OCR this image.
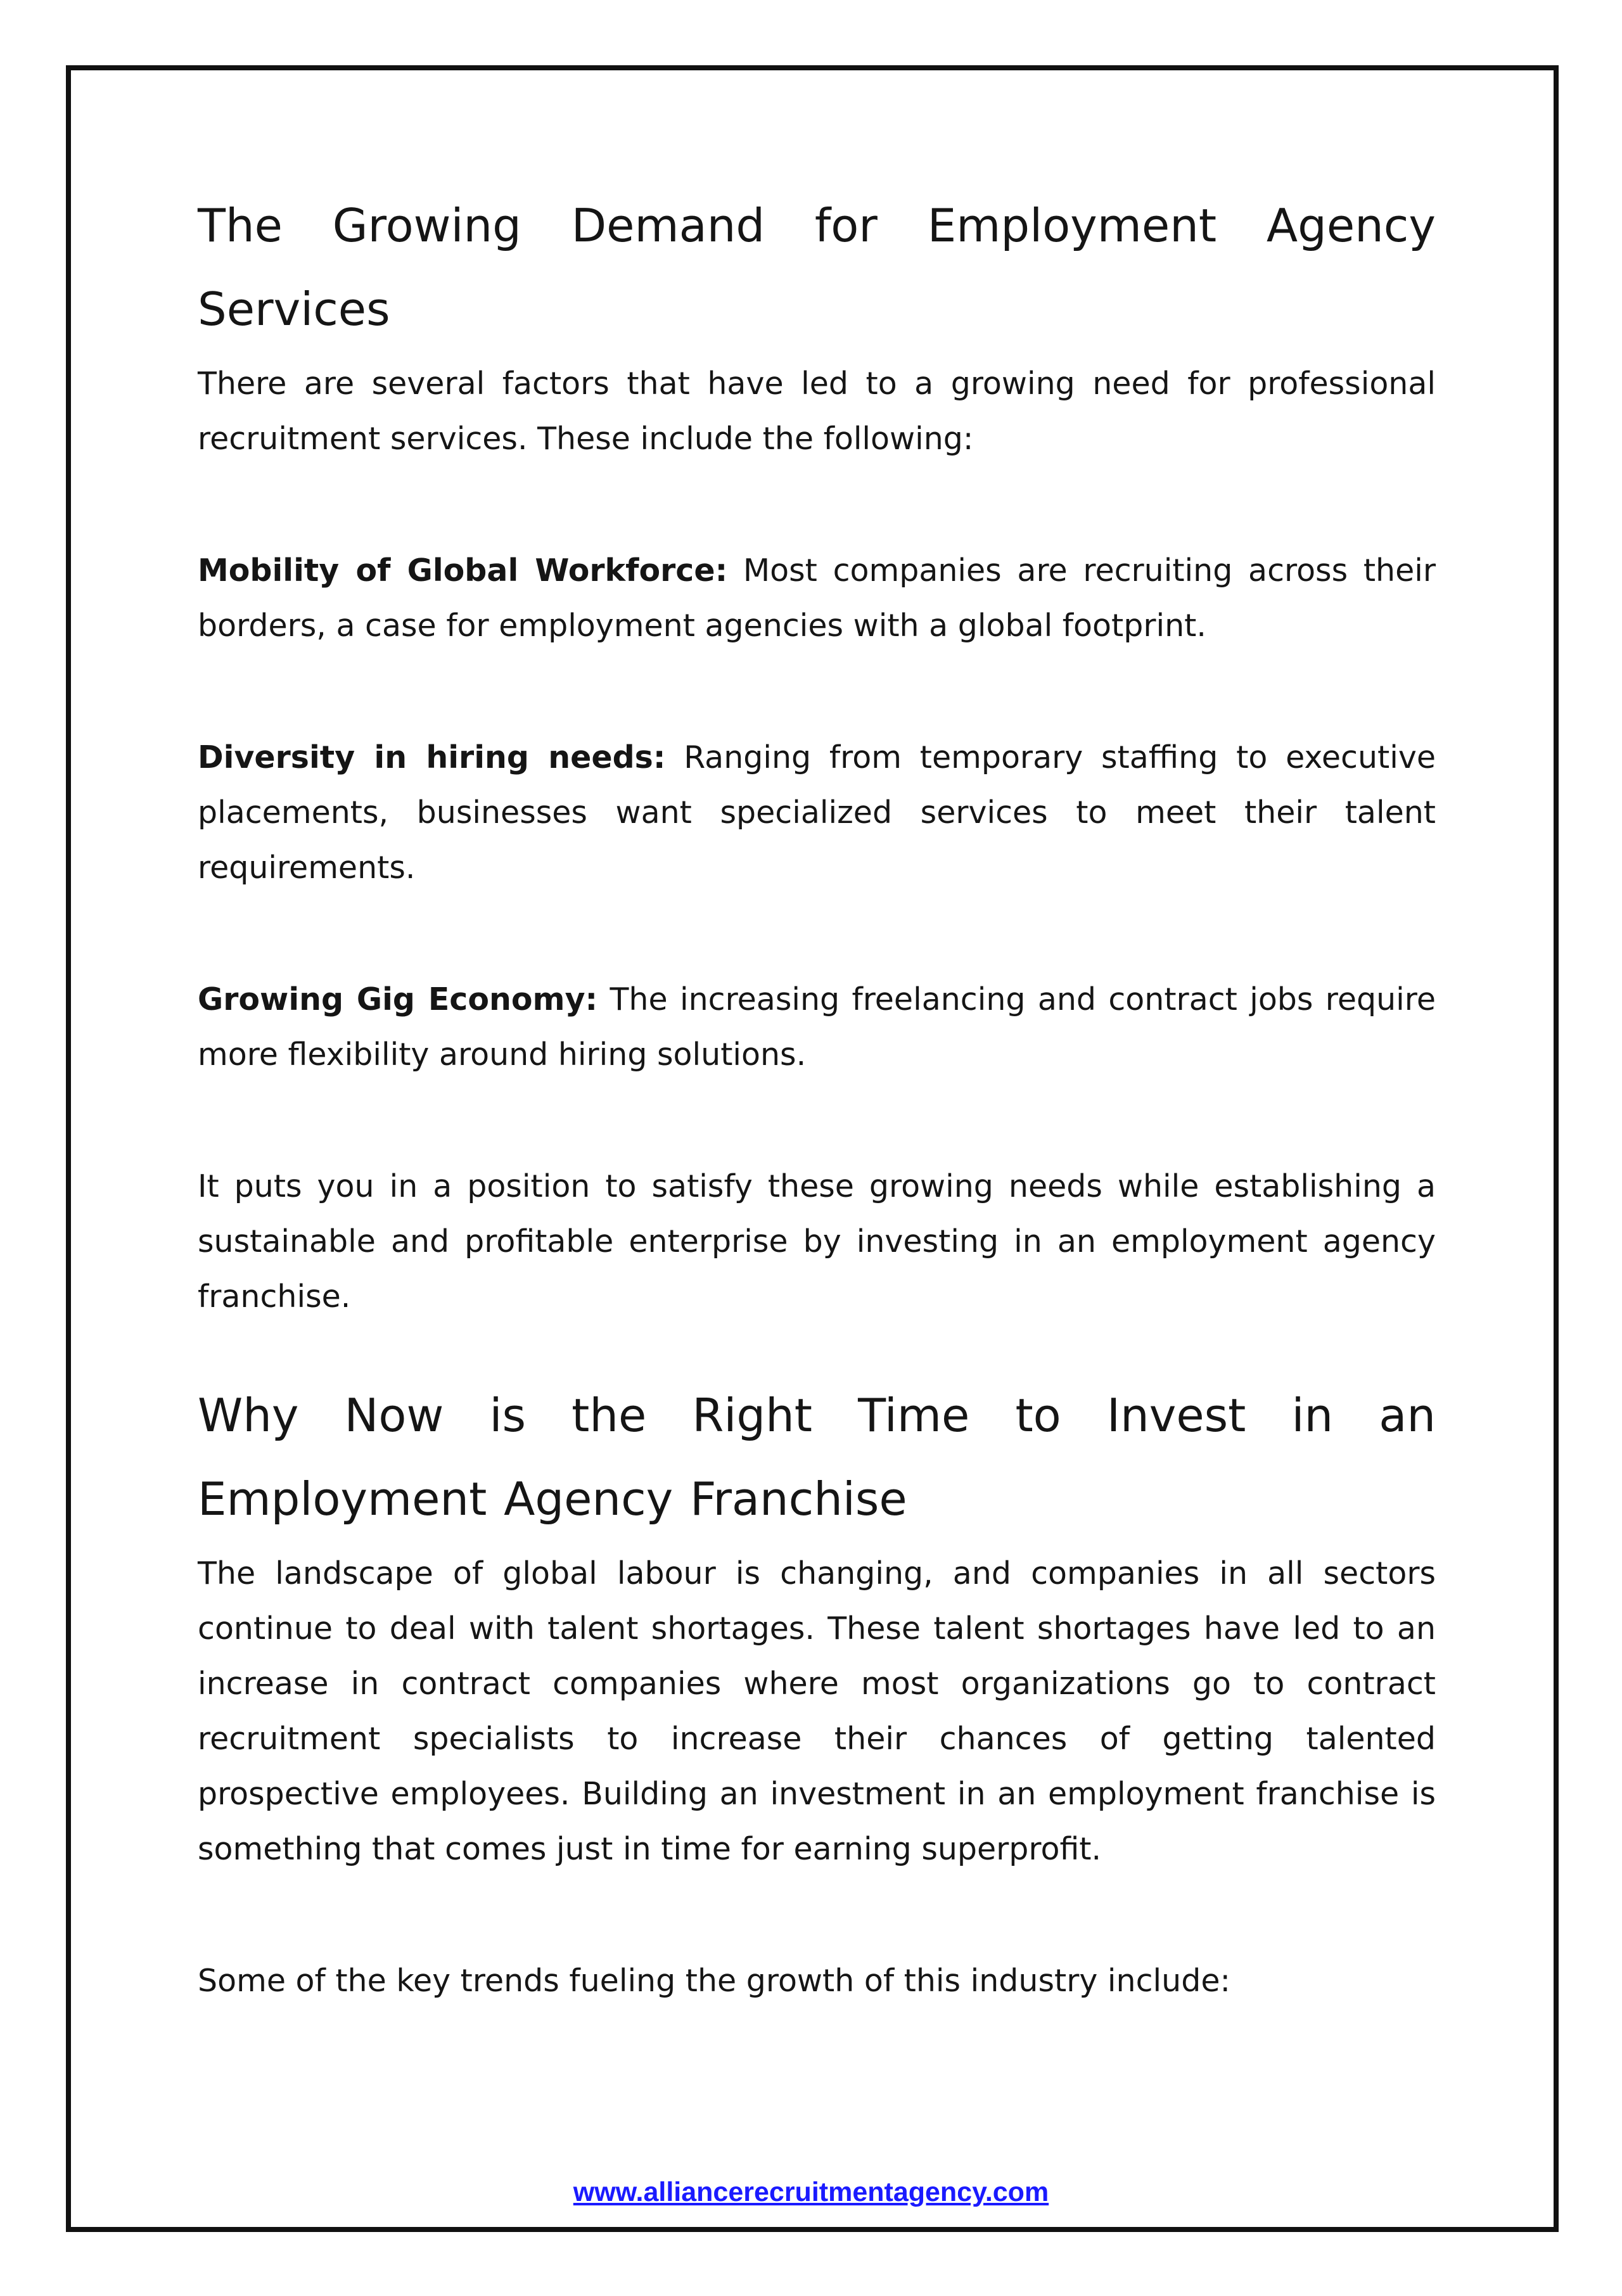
The Growing Demand for Employment Agency Services

There are several factors that have led to a growing need for professional recruitment services. These include the following:

Mobility of Global Workforce: Most companies are recruiting across their borders, a case for employment agencies with a global footprint.

Diversity in hiring needs: Ranging from temporary staffing to executive placements, businesses want specialized services to meet their talent requirements.

Growing Gig Economy: The increasing freelancing and contract jobs require more flexibility around hiring solutions.

It puts you in a position to satisfy these growing needs while establishing a sustainable and profitable enterprise by investing in an employment agency franchise.

Why Now is the Right Time to Invest in an Employment Agency Franchise

The landscape of global labour is changing, and companies in all sectors continue to deal with talent shortages. These talent shortages have led to an increase in contract companies where most organizations go to contract recruitment specialists to increase their chances of getting talented prospective employees. Building an investment in an employment franchise is something that comes just in time for earning superprofit.

Some of the key trends fueling the growth of this industry include:

www.alliancerecruitmentagency.com
